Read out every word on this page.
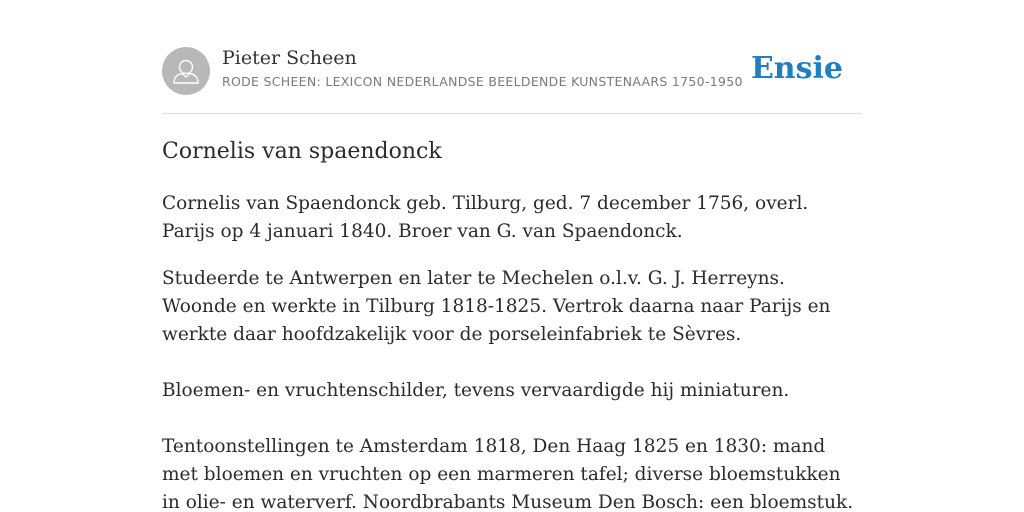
Pieter Scheen
RODE SCHEEN: LEXICON NEDERLANDSE BEELDENDE KUNSTENAARS 1750-1950 Ensie
Cornelis van spaendonck

Cornelis van Spaendonck geb. Tilburg, ged. 7 december 1756, overl. Parijs op 4 januari 1840. Broer van G. van Spaendonck.

Studeerde te Antwerpen en later te Mechelen o.l.v. G. J. Herreyns. Woonde en werkte in Tilburg 1818-1825. Vertrok daarna naar Parijs en werkte daar hoofdzakelijk voor de porseleinfabriek te Sèvres.

Bloemen- en vruchtenschilder, tevens vervaardigde hij miniaturen.

Tentoonstellingen te Amsterdam 1818, Den Haag 1825 en 1830: mand met bloemen en vruchten op een marmeren tafel; diverse bloemstukken in olie- en waterverf. Noordbrabants Museum Den Bosch: een bloemstuk.
